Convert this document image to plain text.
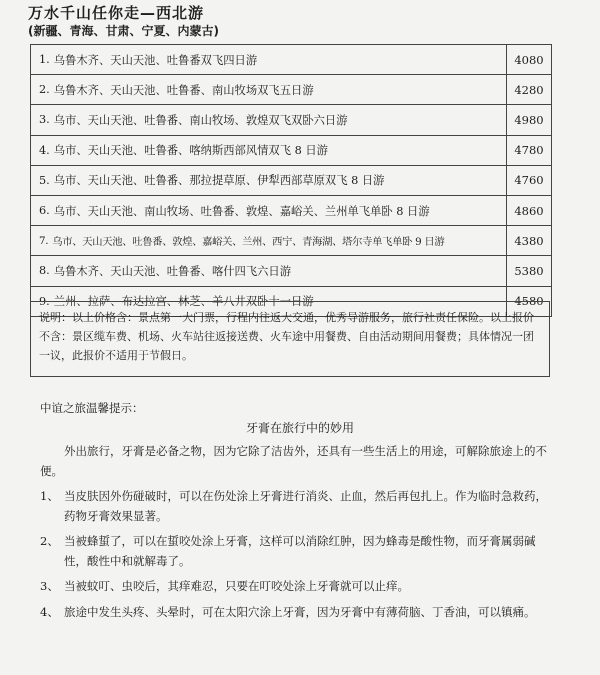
万水千山任你走—西北游
(新疆、青海、甘肃、宁夏、内蒙古)
1. 乌鲁木齐、天山天池、吐鲁番双飞四日游	4080
2. 乌鲁木齐、天山天池、吐鲁番、南山牧场双飞五日游	4280
3. 乌市、天山天池、吐鲁番、南山牧场、敦煌双飞双卧六日游	4980
4. 乌市、天山天池、吐鲁番、喀纳斯西部风情双飞 8 日游	4780
5. 乌市、天山天池、吐鲁番、那拉提草原、伊犁西部草原双飞 8 日游	4760
6. 乌市、天山天池、南山牧场、吐鲁番、敦煌、嘉峪关、兰州单飞单卧 8 日游	4860
7. 乌市、天山天池、吐鲁番、敦煌、嘉峪关、兰州、西宁、青海湖、塔尔寺单飞单卧 9 日游	4380
8. 乌鲁木齐、天山天池、吐鲁番、喀什四飞六日游	5380
9. 兰州、拉萨、布达拉宫、林芝、羊八井双卧十一日游	4580
说明：以上价格含：景点第一大门票，行程内往返大交通，优秀导游服务，旅行社责任保险。以上报价不含：景区缆车费、机场、火车站往返接送费、火车途中用餐费、自由活动期间用餐费；具体情况一团一议，此报价不适用于节假日。
中谊之旅温馨提示：
牙膏在旅行中的妙用

外出旅行，牙膏是必备之物，因为它除了洁齿外，还具有一些生活上的用途，可解除旅途上的不便。

1、 当皮肤因外伤碰破时，可以在伤处涂上牙膏进行消炎、止血，然后再包扎上。作为临时急救药，药物牙膏效果显著。
2、 当被蜂蜇了，可以在蜇咬处涂上牙膏，这样可以消除红肿，因为蜂毒是酸性物，而牙膏属弱碱性，酸性中和就解毒了。
3、 当被蚊叮、虫咬后，其痒难忍，只要在叮咬处涂上牙膏就可以止痒。
4、 旅途中发生头疼、头晕时，可在太阳穴涂上牙膏，因为牙膏中有薄荷脑、丁香油，可以镇痛。
